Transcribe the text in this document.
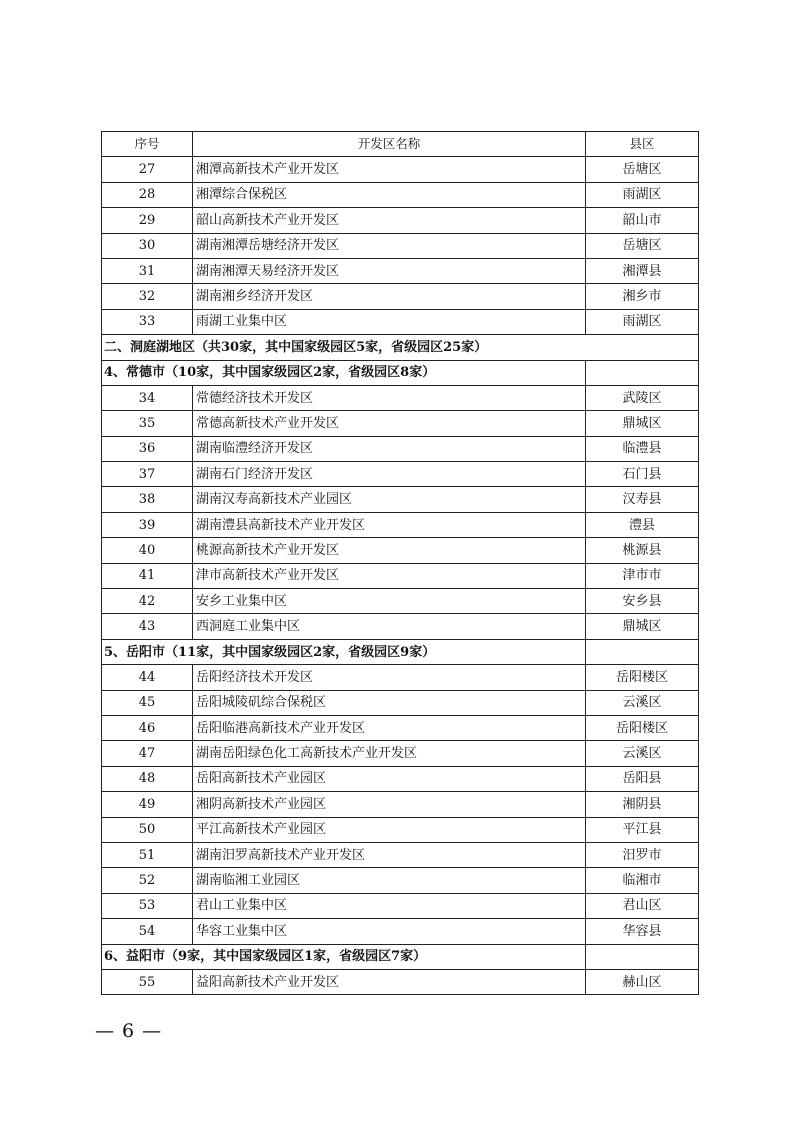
序号	开发区名称	县区
27	湘潭高新技术产业开发区	岳塘区
28	湘潭综合保税区	雨湖区
29	韶山高新技术产业开发区	韶山市
30	湖南湘潭岳塘经济开发区	岳塘区
31	湖南湘潭天易经济开发区	湘潭县
32	湖南湘乡经济开发区	湘乡市
33	雨湖工业集中区	雨湖区
二、洞庭湖地区（共30家，其中国家级园区5家，省级园区25家）		
4、常德市（10家，其中国家级园区2家，省级园区8家）		
34	常德经济技术开发区	武陵区
35	常德高新技术产业开发区	鼎城区
36	湖南临澧经济开发区	临澧县
37	湖南石门经济开发区	石门县
38	湖南汉寿高新技术产业园区	汉寿县
39	湖南澧县高新技术产业开发区	澧县
40	桃源高新技术产业开发区	桃源县
41	津市高新技术产业开发区	津市市
42	安乡工业集中区	安乡县
43	西洞庭工业集中区	鼎城区
5、岳阳市（11家，其中国家级园区2家，省级园区9家）		
44	岳阳经济技术开发区	岳阳楼区
45	岳阳城陵矶综合保税区	云溪区
46	岳阳临港高新技术产业开发区	岳阳楼区
47	湖南岳阳绿色化工高新技术产业开发区	云溪区
48	岳阳高新技术产业园区	岳阳县
49	湘阴高新技术产业园区	湘阴县
50	平江高新技术产业园区	平江县
51	湖南汨罗高新技术产业开发区	汨罗市
52	湖南临湘工业园区	临湘市
53	君山工业集中区	君山区
54	华容工业集中区	华容县
6、益阳市（9家，其中国家级园区1家，省级园区7家）		
55	益阳高新技术产业开发区	赫山区
— 6 —
